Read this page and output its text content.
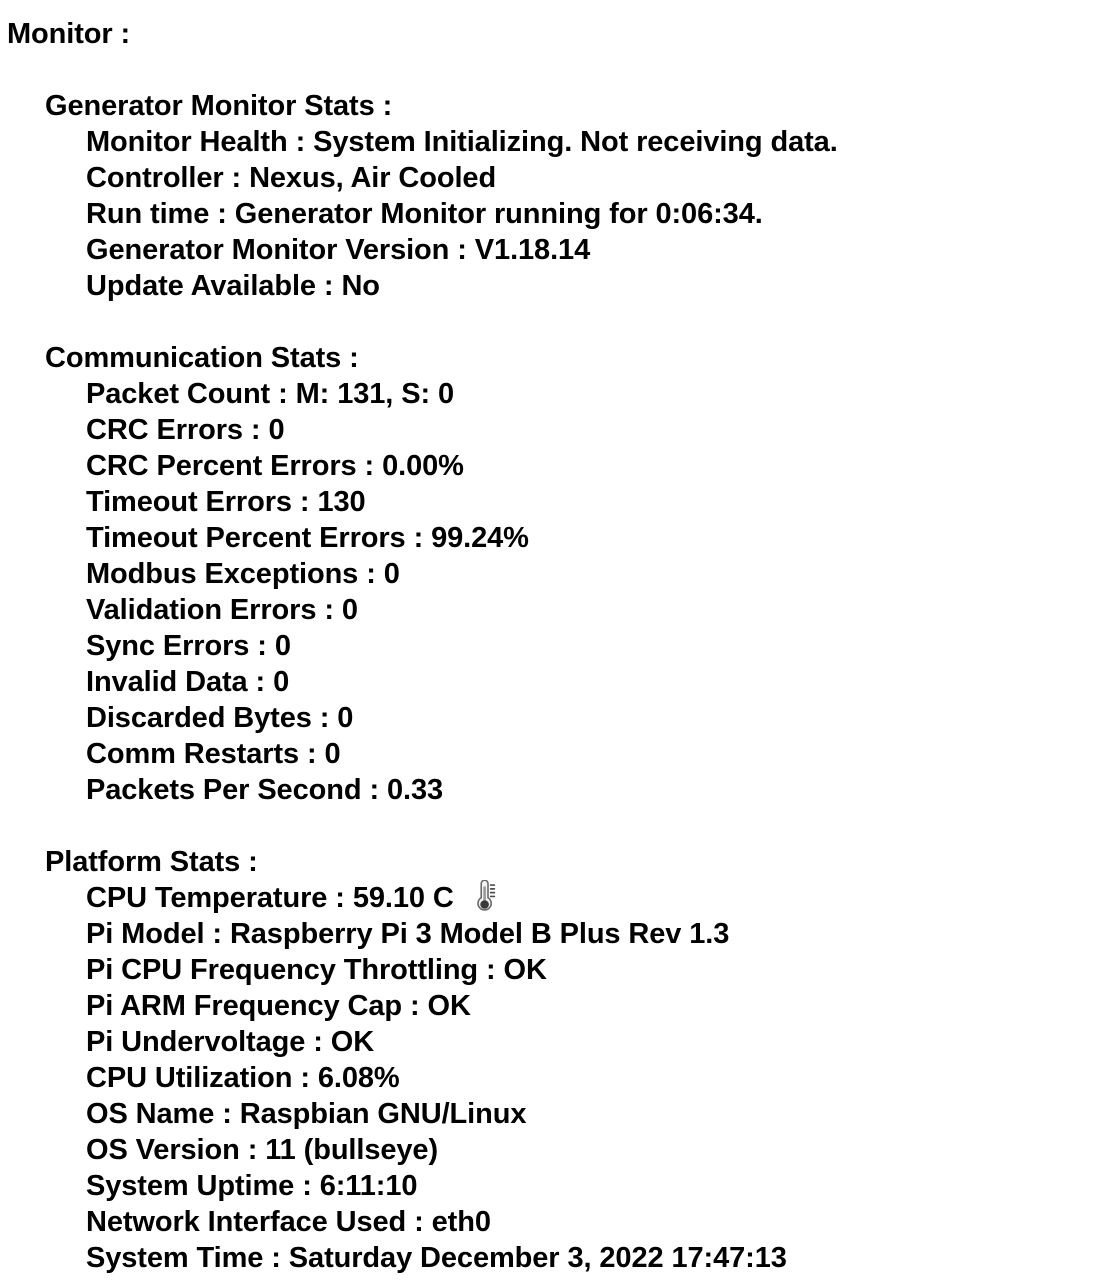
Monitor :
Generator Monitor Stats :
Monitor Health : System Initializing. Not receiving data.
Controller : Nexus, Air Cooled
Run time : Generator Monitor running for 0:06:34.
Generator Monitor Version : V1.18.14
Update Available : No
Communication Stats :
Packet Count : M: 131, S: 0
CRC Errors : 0
CRC Percent Errors : 0.00%
Timeout Errors : 130
Timeout Percent Errors : 99.24%
Modbus Exceptions : 0
Validation Errors : 0
Sync Errors : 0
Invalid Data : 0
Discarded Bytes : 0
Comm Restarts : 0
Packets Per Second : 0.33
Platform Stats :
CPU Temperature : 59.10 C
Pi Model : Raspberry Pi 3 Model B Plus Rev 1.3
Pi CPU Frequency Throttling : OK
Pi ARM Frequency Cap : OK
Pi Undervoltage : OK
CPU Utilization : 6.08%
OS Name : Raspbian GNU/Linux
OS Version : 11 (bullseye)
System Uptime : 6:11:10
Network Interface Used : eth0
System Time : Saturday December 3, 2022 17:47:13
